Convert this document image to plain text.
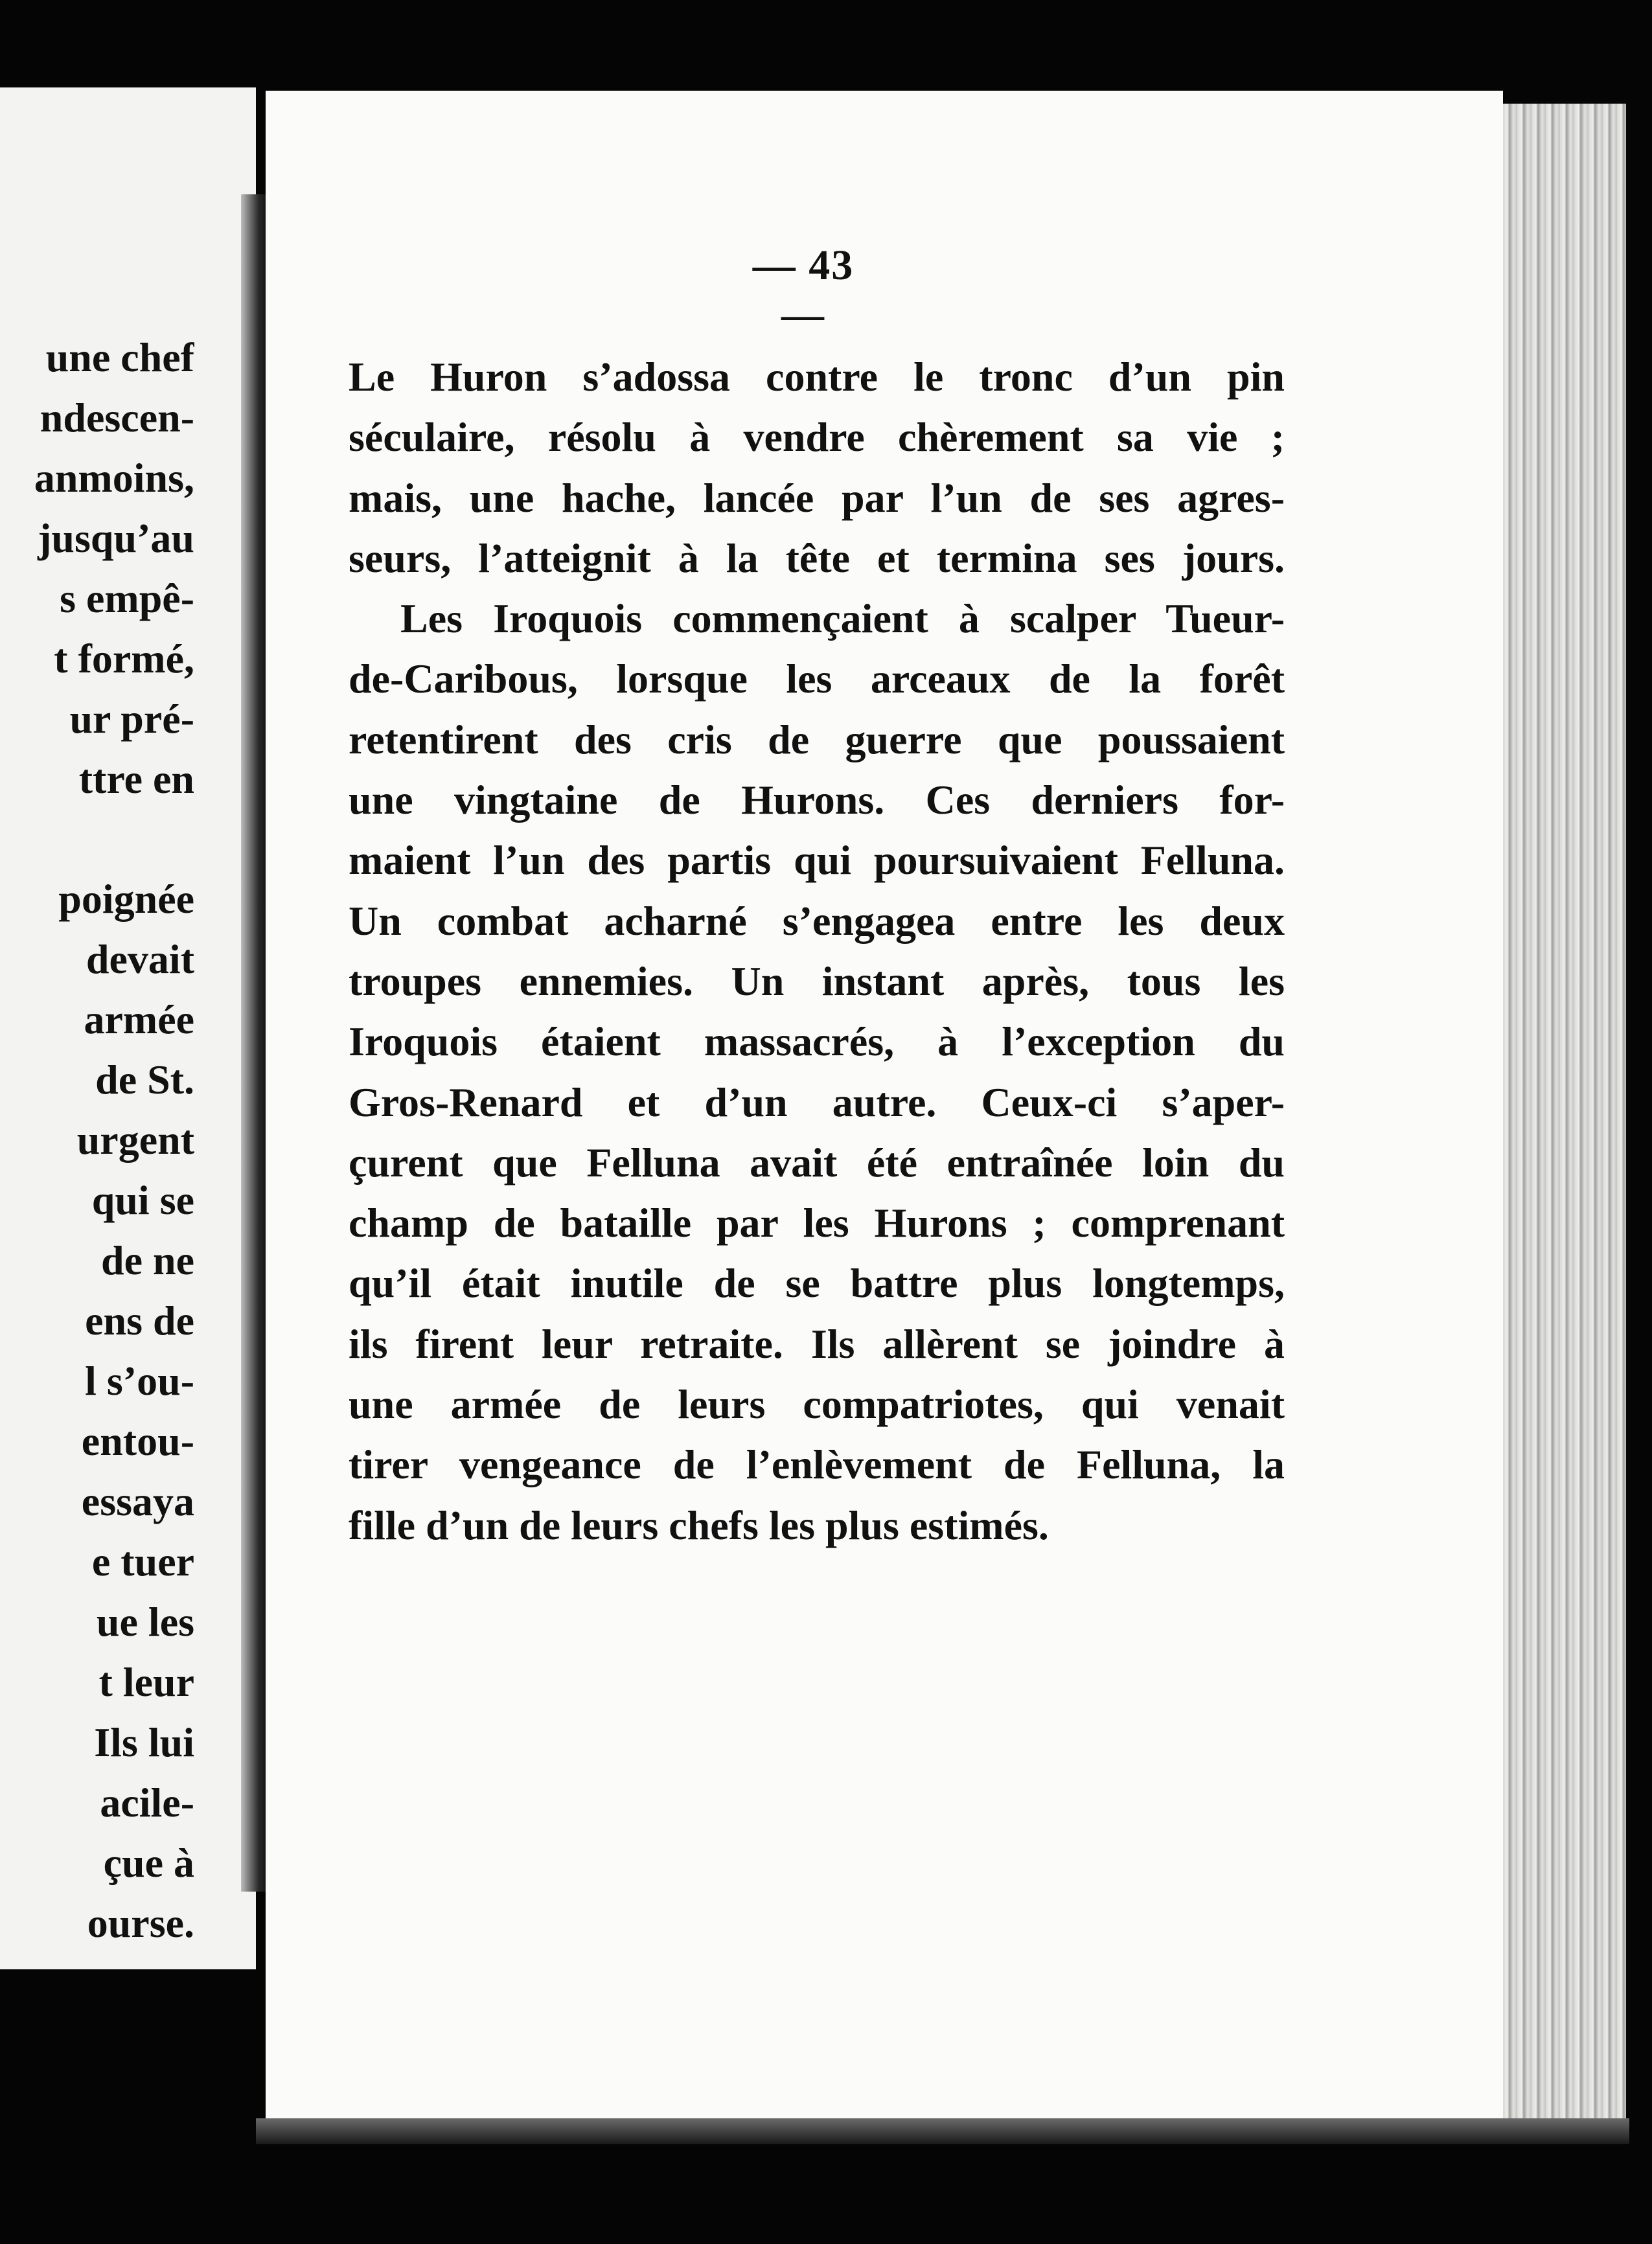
une chef
ndescen-
anmoins,
jusqu’au
s empê-
t formé,
ur pré-
ttre en
poignée
devait
armée
de St.
urgent
qui se
de ne
ens de
l s’ou-
entou-
essaya
e tuer
ue les
t leur
Ils lui
acile-
çue à
ourse.
— 43 —
Le Huron s’adossa contre le tronc d’un pin
séculaire, résolu à vendre chèrement sa vie ;
mais, une hache, lancée par l’un de ses agres-
seurs, l’atteignit à la tête et termina ses jours.
Les Iroquois commençaient à scalper Tueur-
de-Caribous, lorsque les arceaux de la forêt
retentirent des cris de guerre que poussaient
une vingtaine de Hurons. Ces derniers for-
maient l’un des partis qui poursuivaient Felluna.
Un combat acharné s’engagea entre les deux
troupes ennemies. Un instant après, tous les
Iroquois étaient massacrés, à l’exception du
Gros-Renard et d’un autre. Ceux-ci s’aper-
çurent que Felluna avait été entraînée loin du
champ de bataille par les Hurons ; comprenant
qu’il était inutile de se battre plus longtemps,
ils firent leur retraite. Ils allèrent se joindre à
une armée de leurs compatriotes, qui venait
tirer vengeance de l’enlèvement de Felluna, la
fille d’un de leurs chefs les plus estimés.
